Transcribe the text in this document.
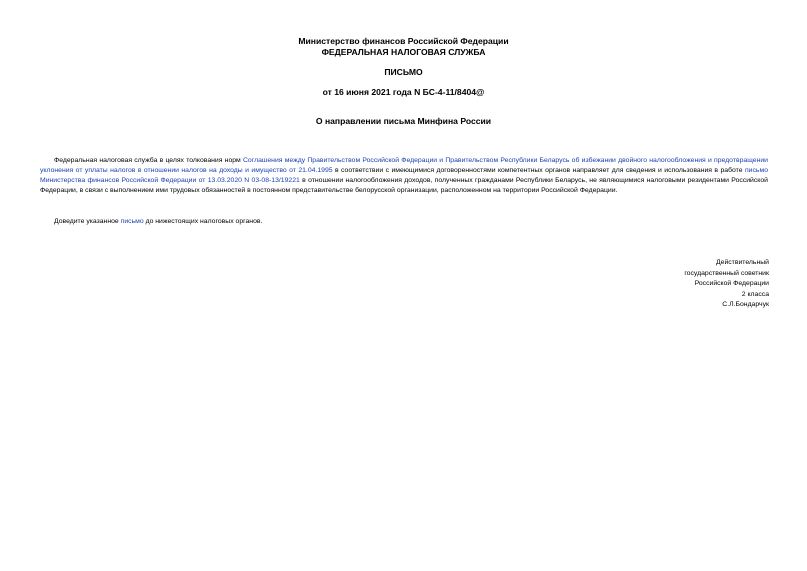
Министерство финансов Российской Федерации
ФЕДЕРАЛЬНАЯ НАЛОГОВАЯ СЛУЖБА
ПИСЬМО
от 16 июня 2021 года N БС-4-11/8404@
О направлении письма Минфина России
Федеральная налоговая служба в целях толкования норм Соглашения между Правительством Российской Федерации и Правительством Республики Беларусь об избежании двойного налогообложения и предотвращении уклонения от уплаты налогов в отношении налогов на доходы и имущество от 21.04.1995 в соответствии с имеющимися договоренностями компетентных органов направляет для сведения и использования в работе письмо Министерства финансов Российской Федерации от 13.03.2020 N 03-08-13/19221 в отношении налогообложения доходов, полученных гражданами Республики Беларусь, не являющимися налоговыми резидентами Российской Федерации, в связи с выполнением ими трудовых обязанностей в постоянном представительстве белорусской организации, расположенном на территории Российской Федерации.
Доведите указанное письмо до нижестоящих налоговых органов.
Действительный
государственный советник
Российской Федерации
2 класса
С.Л.Бондарчук
